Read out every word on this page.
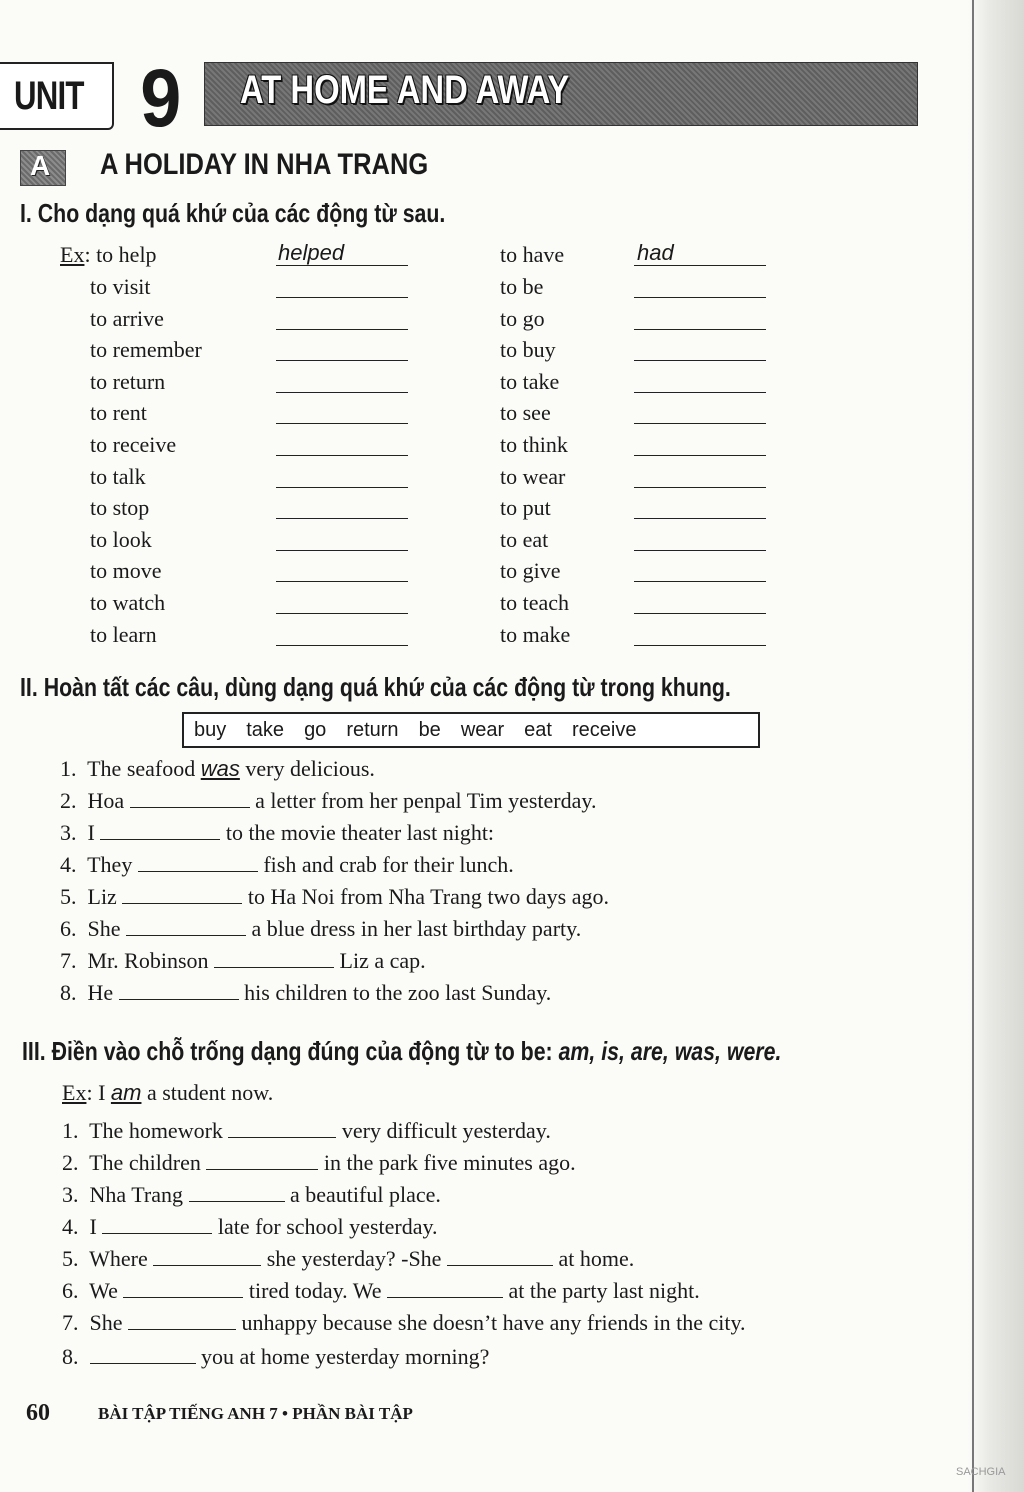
UNIT 9 AT HOME AND AWAY
A A HOLIDAY IN NHA TRANG
I. Cho dạng quá khứ của các động từ sau.
Ex: to help	helped	to have	had
to visit	to be
to arrive	to go
to remember	to buy
to return	to take
to rent	to see
to receive	to think
to talk	to wear
to stop	to put
to look	to eat
to move	to give
to watch	to teach
to learn	to make
II. Hoàn tất các câu, dùng dạng quá khứ của các động từ trong khung.
buy	take	go	return	be	wear	eat	receive
1. The seafood was very delicious.
2. Hoa	a letter from her penpal Tim yesterday.
3. I	to the movie theater last night:
4. They	fish and crab for their lunch.
5. Liz	to Ha Noi from Nha Trang two days ago.
6. She	a blue dress in her last birthday party.
7. Mr. Robinson	Liz a cap.
8. He	his children to the zoo last Sunday.
III. Điền vào chỗ trống dạng đúng của động từ to be: am, is, are, was, were.
Ex: I am a student now.
1. The homework	very difficult yesterday.
2. The children	in the park five minutes ago.
3. Nha Trang	a beautiful place.
4. I	late for school yesterday.
5. Where	she yesterday? -She	at home.
6. We	tired today. We	at the party last night.
7. She	unhappy because she doesn’t have any friends in the city.
8.	you at home yesterday morning?
60	BÀI TẬP TIẾNG ANH 7 • PHẦN BÀI TẬP
SACHGIA
